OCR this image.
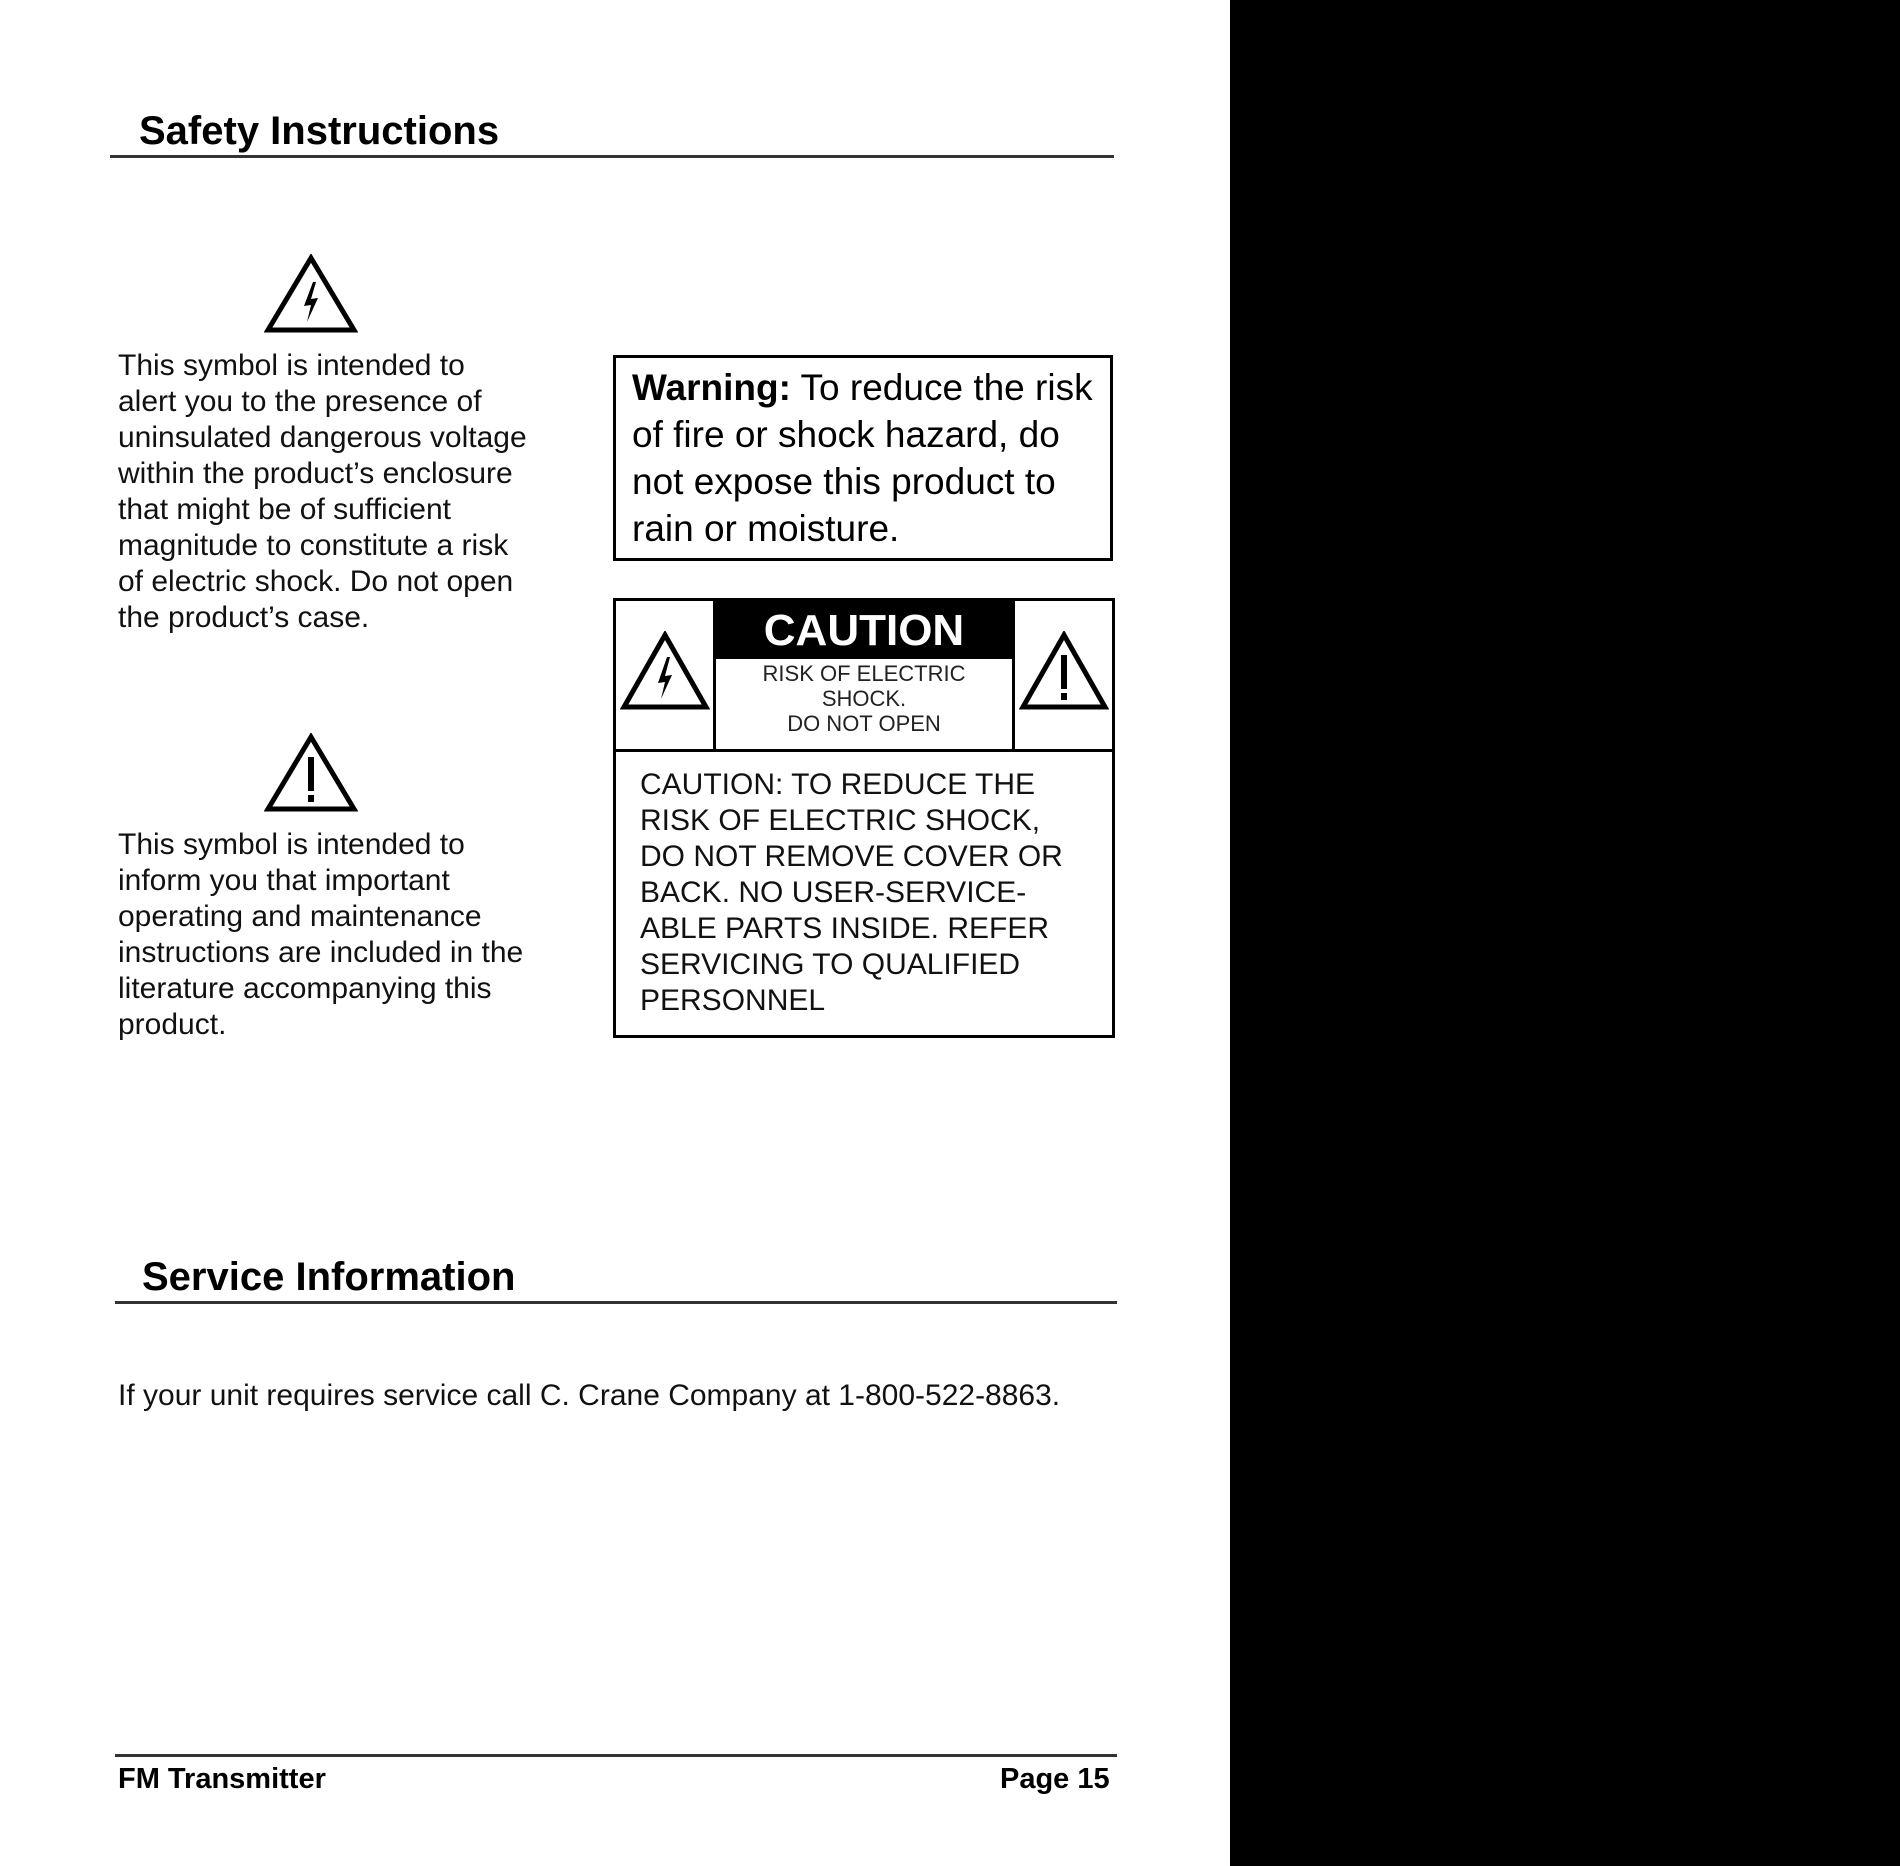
Safety Instructions
This symbol is intended to
alert you to the presence of
uninsulated dangerous voltage
within the product’s enclosure
that might be of sufficient
magnitude to constitute a risk
of electric shock. Do not open
the product’s case.
This symbol is intended to
inform you that important
operating and maintenance
instructions are included in the
literature accompanying this
product.
Warning: To reduce the risk
of fire or shock hazard, do
not expose this product to
rain or moisture.
CAUTION
RISK OF ELECTRIC
SHOCK.
DO NOT OPEN
CAUTION: TO REDUCE THE
RISK OF ELECTRIC SHOCK,
DO NOT REMOVE COVER OR
BACK. NO USER-SERVICE-
ABLE PARTS INSIDE. REFER
SERVICING TO QUALIFIED
PERSONNEL
Service Information
If your unit requires service call C. Crane Company at 1-800-522-8863.
FM Transmitter	Page 15
